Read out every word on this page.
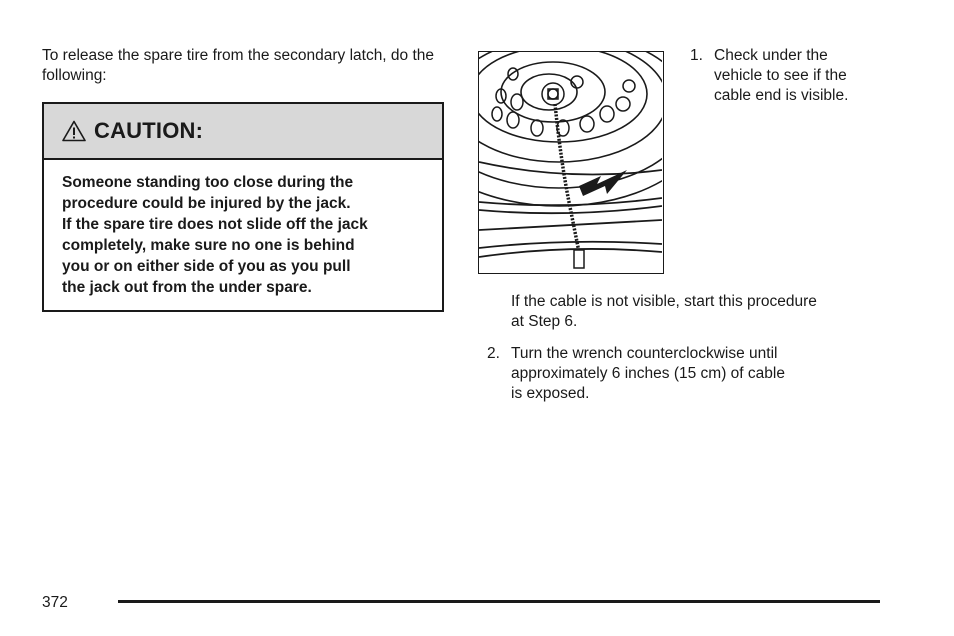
To release the spare tire from the secondary latch, do the following:

CAUTION:

Someone standing too close during the

procedure could be injured by the jack.

If the spare tire does not slide off the jack

completely, make sure no one is behind

you or on either side of you as you pull

the jack out from the under spare.

1. Check under the
vehicle to see if the
cable end is visible.

If the cable is not visible, start this procedure
at Step 6.

2. Turn the wrench counterclockwise until
approximately 6 inches (15 cm) of cable
is exposed.

372
